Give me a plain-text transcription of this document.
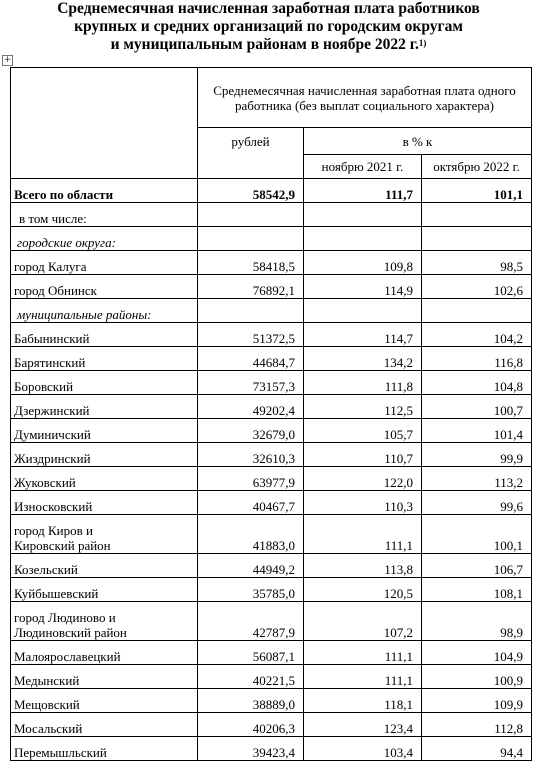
Среднемесячная начисленная заработная плата работников
крупных и средних организаций по городским округам
и муниципальным районам в ноябре 2022 г.$^{1)}$
+
	Среднемесячная начисленная заработная плата одного работника (без выплат социального характера)		
	рублей	в % к	
		ноябрю 2021 г.	октябрю 2022 г.
Всего по области	58542,9	111,7	101,1
в том числе:			
городские округа:			
город Калуга	58418,5	109,8	98,5
город Обнинск	76892,1	114,9	102,6
муниципальные районы:			
Бабынинский	51372,5	114,7	104,2
Барятинский	44684,7	134,2	116,8
Боровский	73157,3	111,8	104,8
Дзержинский	49202,4	112,5	100,7
Думиничский	32679,0	105,7	101,4
Жиздринский	32610,3	110,7	99,9
Жуковский	63977,9	122,0	113,2
Износковский	40467,7	110,3	99,6

город Киров и
Кировский район	41883,0	111,1	100,1
Козельский	44949,2	113,8	106,7
Куйбышевский	35785,0	120,5	108,1

город Людиново и
Людиновский район	42787,9	107,2	98,9
Малоярославецкий	56087,1	111,1	104,9
Медынский	40221,5	111,1	100,9
Мещовский	38889,0	118,1	109,9
Мосальский	40206,3	123,4	112,8
Перемышльский	39423,4	103,4	94,4
